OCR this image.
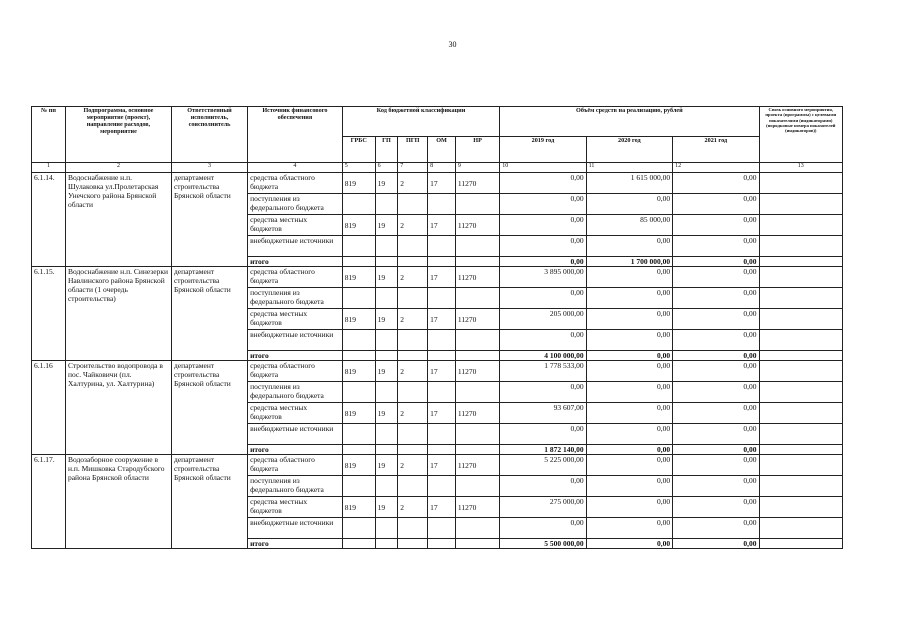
30
№ пп	Подпрограмма, основное мероприятие (проект), направление расходов, мероприятие	Ответственный исполнитель, соисполнитель	Источник финансового обеспечения	Код бюджетной классификации					Объём средств на реализацию, рублей			Связь основного мероприятия, проекта (программы) с целевыми показателями (индикаторами) (порядковые номера показателей (индикаторов))
				ГРБС	ГП	ПГП	ОМ	НР	2019 год	2020 год	2021 год	
1	2	3	4	5	6	7	8	9	10	11	12	13
6.1.14.	Водоснабжение н.п. Шулаковка ул.Пролетарская Унечского района Брянской области	департамент строительства Брянской области	средства областного бюджета	819	19	2	17	11270	0,00	1 615 000,00	0,00	
			поступления из федерального бюджета						0,00	0,00	0,00	
			средства местных бюджетов	819	19	2	17	11270	0,00	85 000,00	0,00	
			внебюджетные источники						0,00	0,00	0,00	
			итого						0,00	1 700 000,00	0,00	
6.1.15.	Водоснабжение н.п. Синезерки Навлинского района Брянской области (1 очередь строительства)	департамент строительства Брянской области	средства областного бюджета	819	19	2	17	11270	3 895 000,00	0,00	0,00	
			поступления из федерального бюджета						0,00	0,00	0,00	
			средства местных бюджетов	819	19	2	17	11270	205 000,00	0,00	0,00	
			внебюджетные источники						0,00	0,00	0,00	
			итого						4 100 000,00	0,00	0,00	
6.1.16	Строительство водопровода в пос. Чайковичи (пл. Халтурина, ул. Халтурина)	департамент строительства Брянской области	средства областного бюджета	819	19	2	17	11270	1 778 533,00	0,00	0,00	
			поступления из федерального бюджета						0,00	0,00	0,00	
			средства местных бюджетов	819	19	2	17	11270	93 607,00	0,00	0,00	
			внебюджетные источники						0,00	0,00	0,00	
			итого						1 872 140,00	0,00	0,00	
6.1.17.	Водозаборное сооружение в н.п. Мишковка Стародубского района Брянской области	департамент строительства Брянской области	средства областного бюджета	819	19	2	17	11270	5 225 000,00	0,00	0,00	
			поступления из федерального бюджета						0,00	0,00	0,00	
			средства местных бюджетов	819	19	2	17	11270	275 000,00	0,00	0,00	
			внебюджетные источники						0,00	0,00	0,00	
			итого						5 500 000,00	0,00	0,00	
